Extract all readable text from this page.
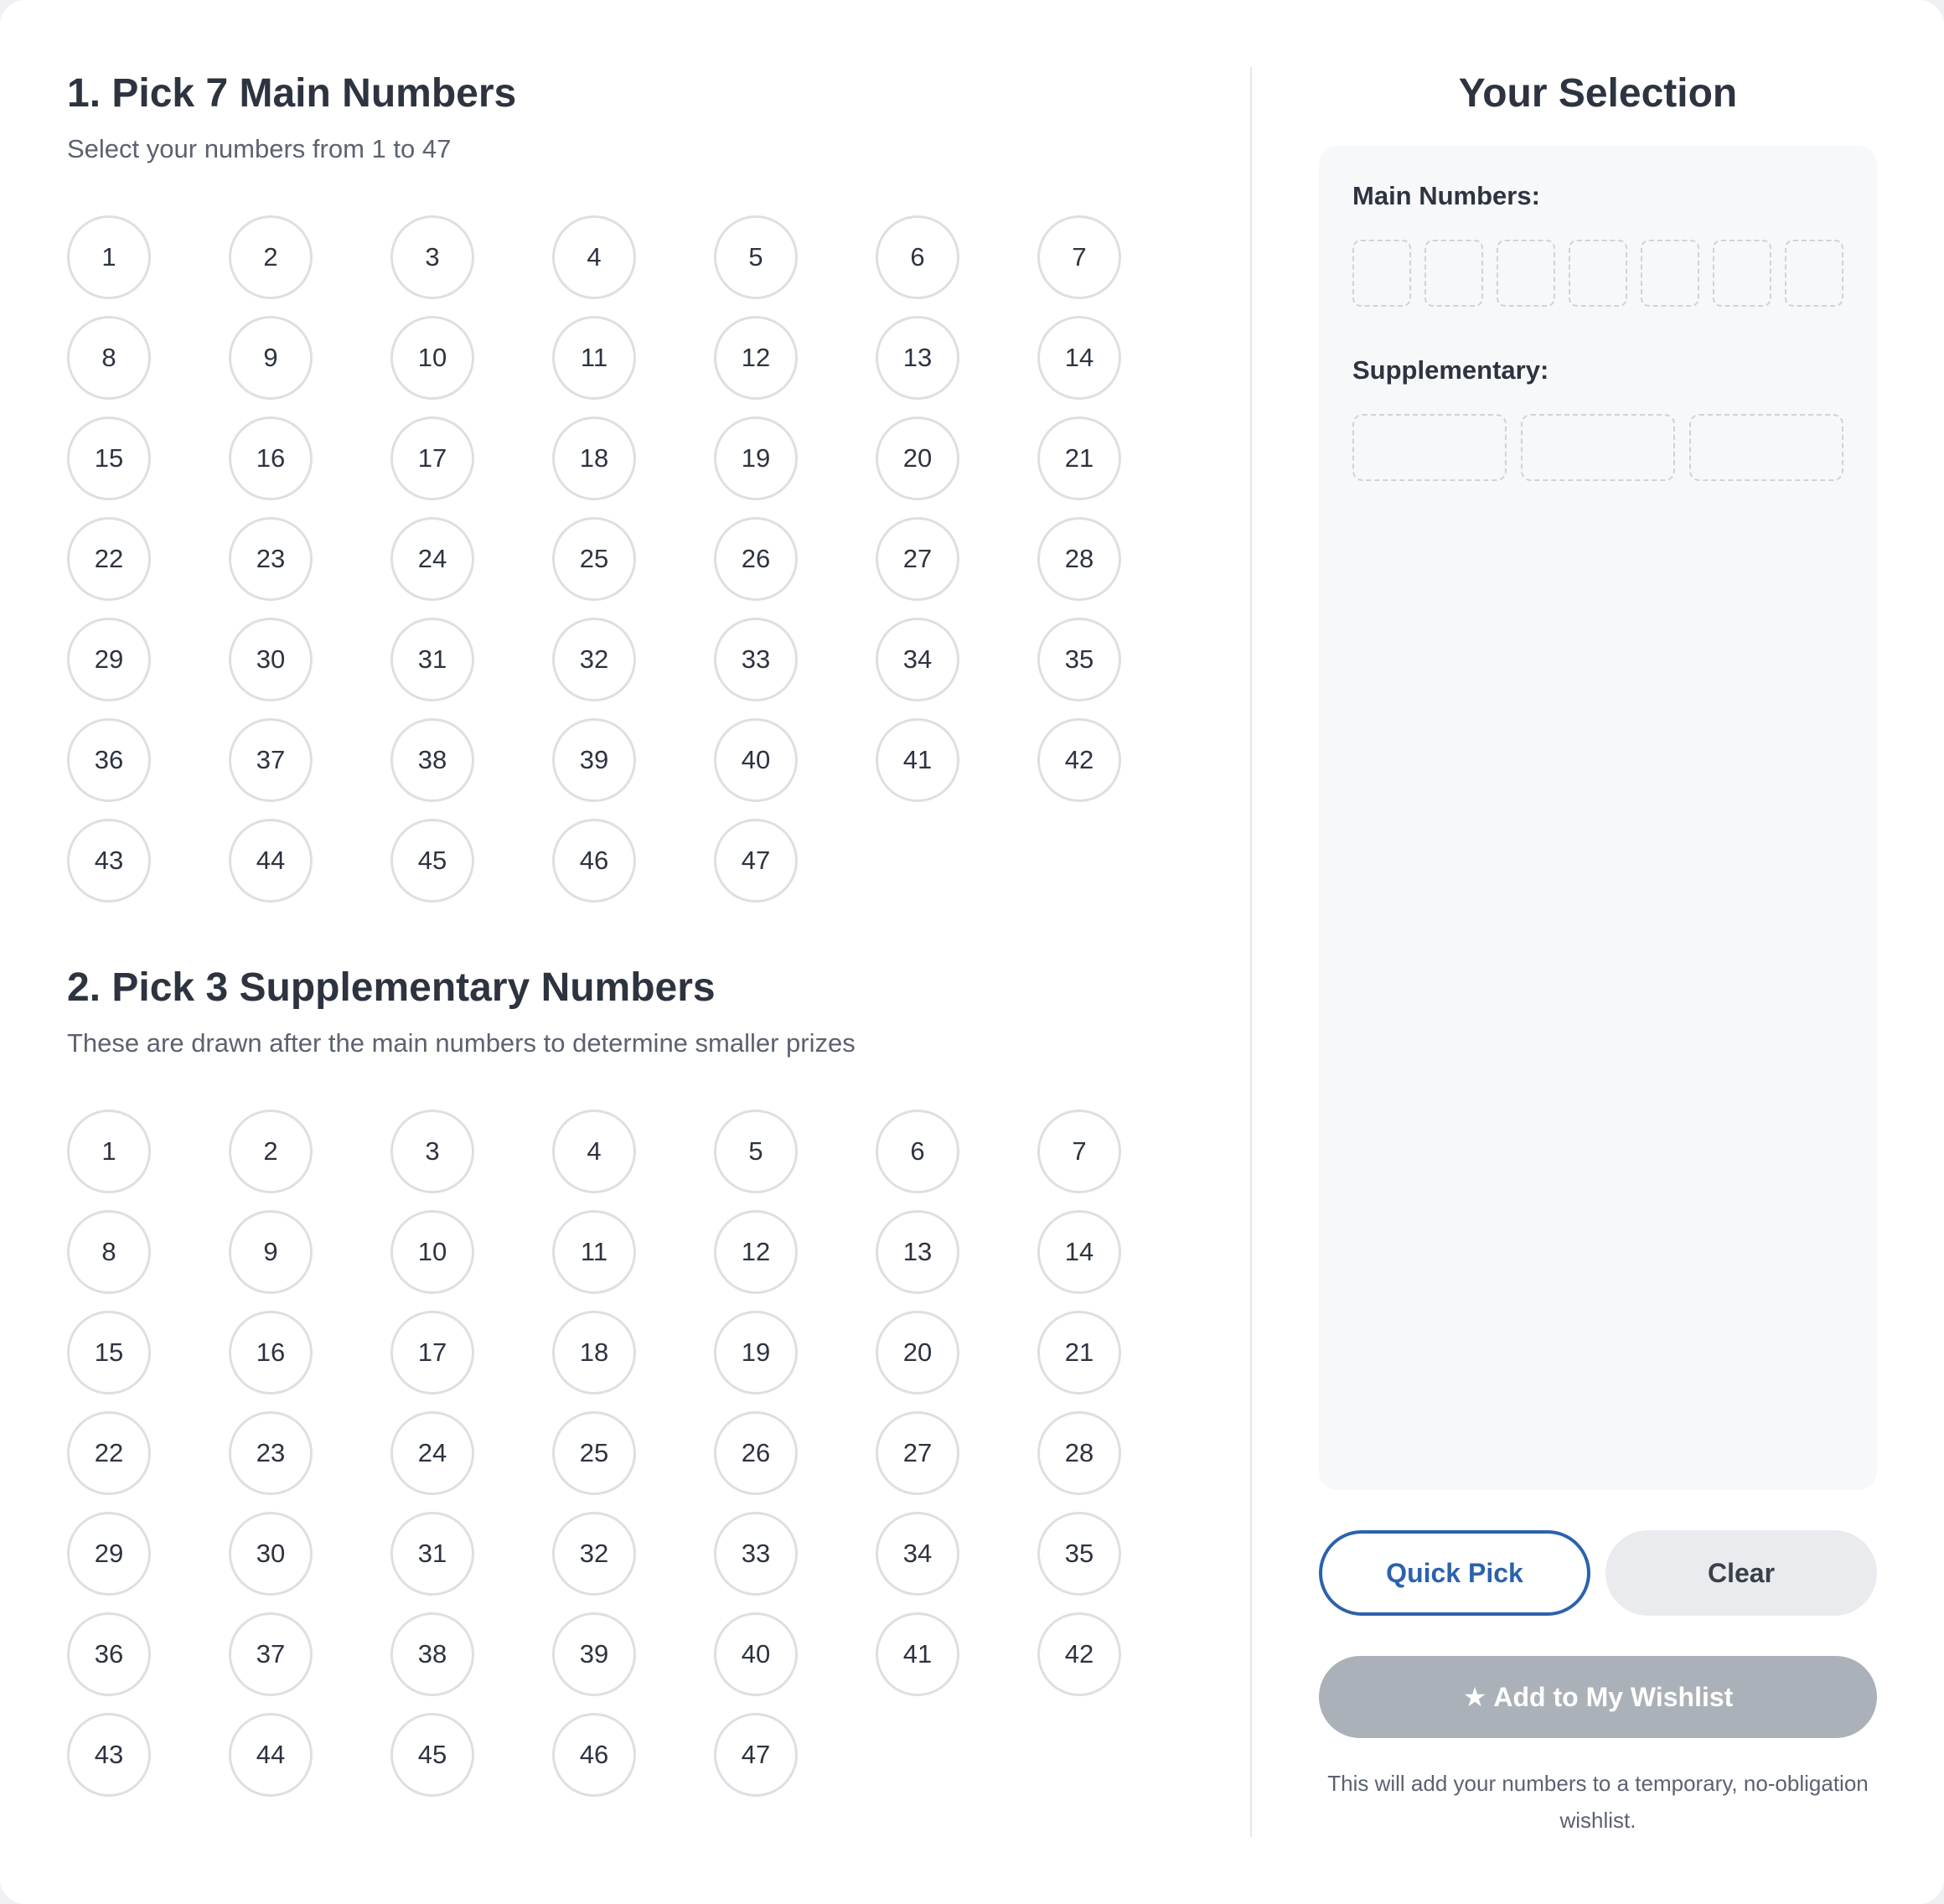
1. Pick 7 Main Numbers

Select your numbers from 1 to 47

1	2	3	4	5	6	7
8	9	10	11	12	13	14
15	16	17	18	19	20	21
22	23	24	25	26	27	28
29	30	31	32	33	34	35
36	37	38	39	40	41	42
43	44	45	46	47
2. Pick 3 Supplementary Numbers

These are drawn after the main numbers to determine smaller prizes

1	2	3	4	5	6	7
8	9	10	11	12	13	14
15	16	17	18	19	20	21
22	23	24	25	26	27	28
29	30	31	32	33	34	35
36	37	38	39	40	41	42
43	44	45	46	47
Your Selection

Main Numbers:

Supplementary:

Quick Pick	Clear
★ Add to My Wishlist
This will add your numbers to a temporary, no-obligation wishlist.
